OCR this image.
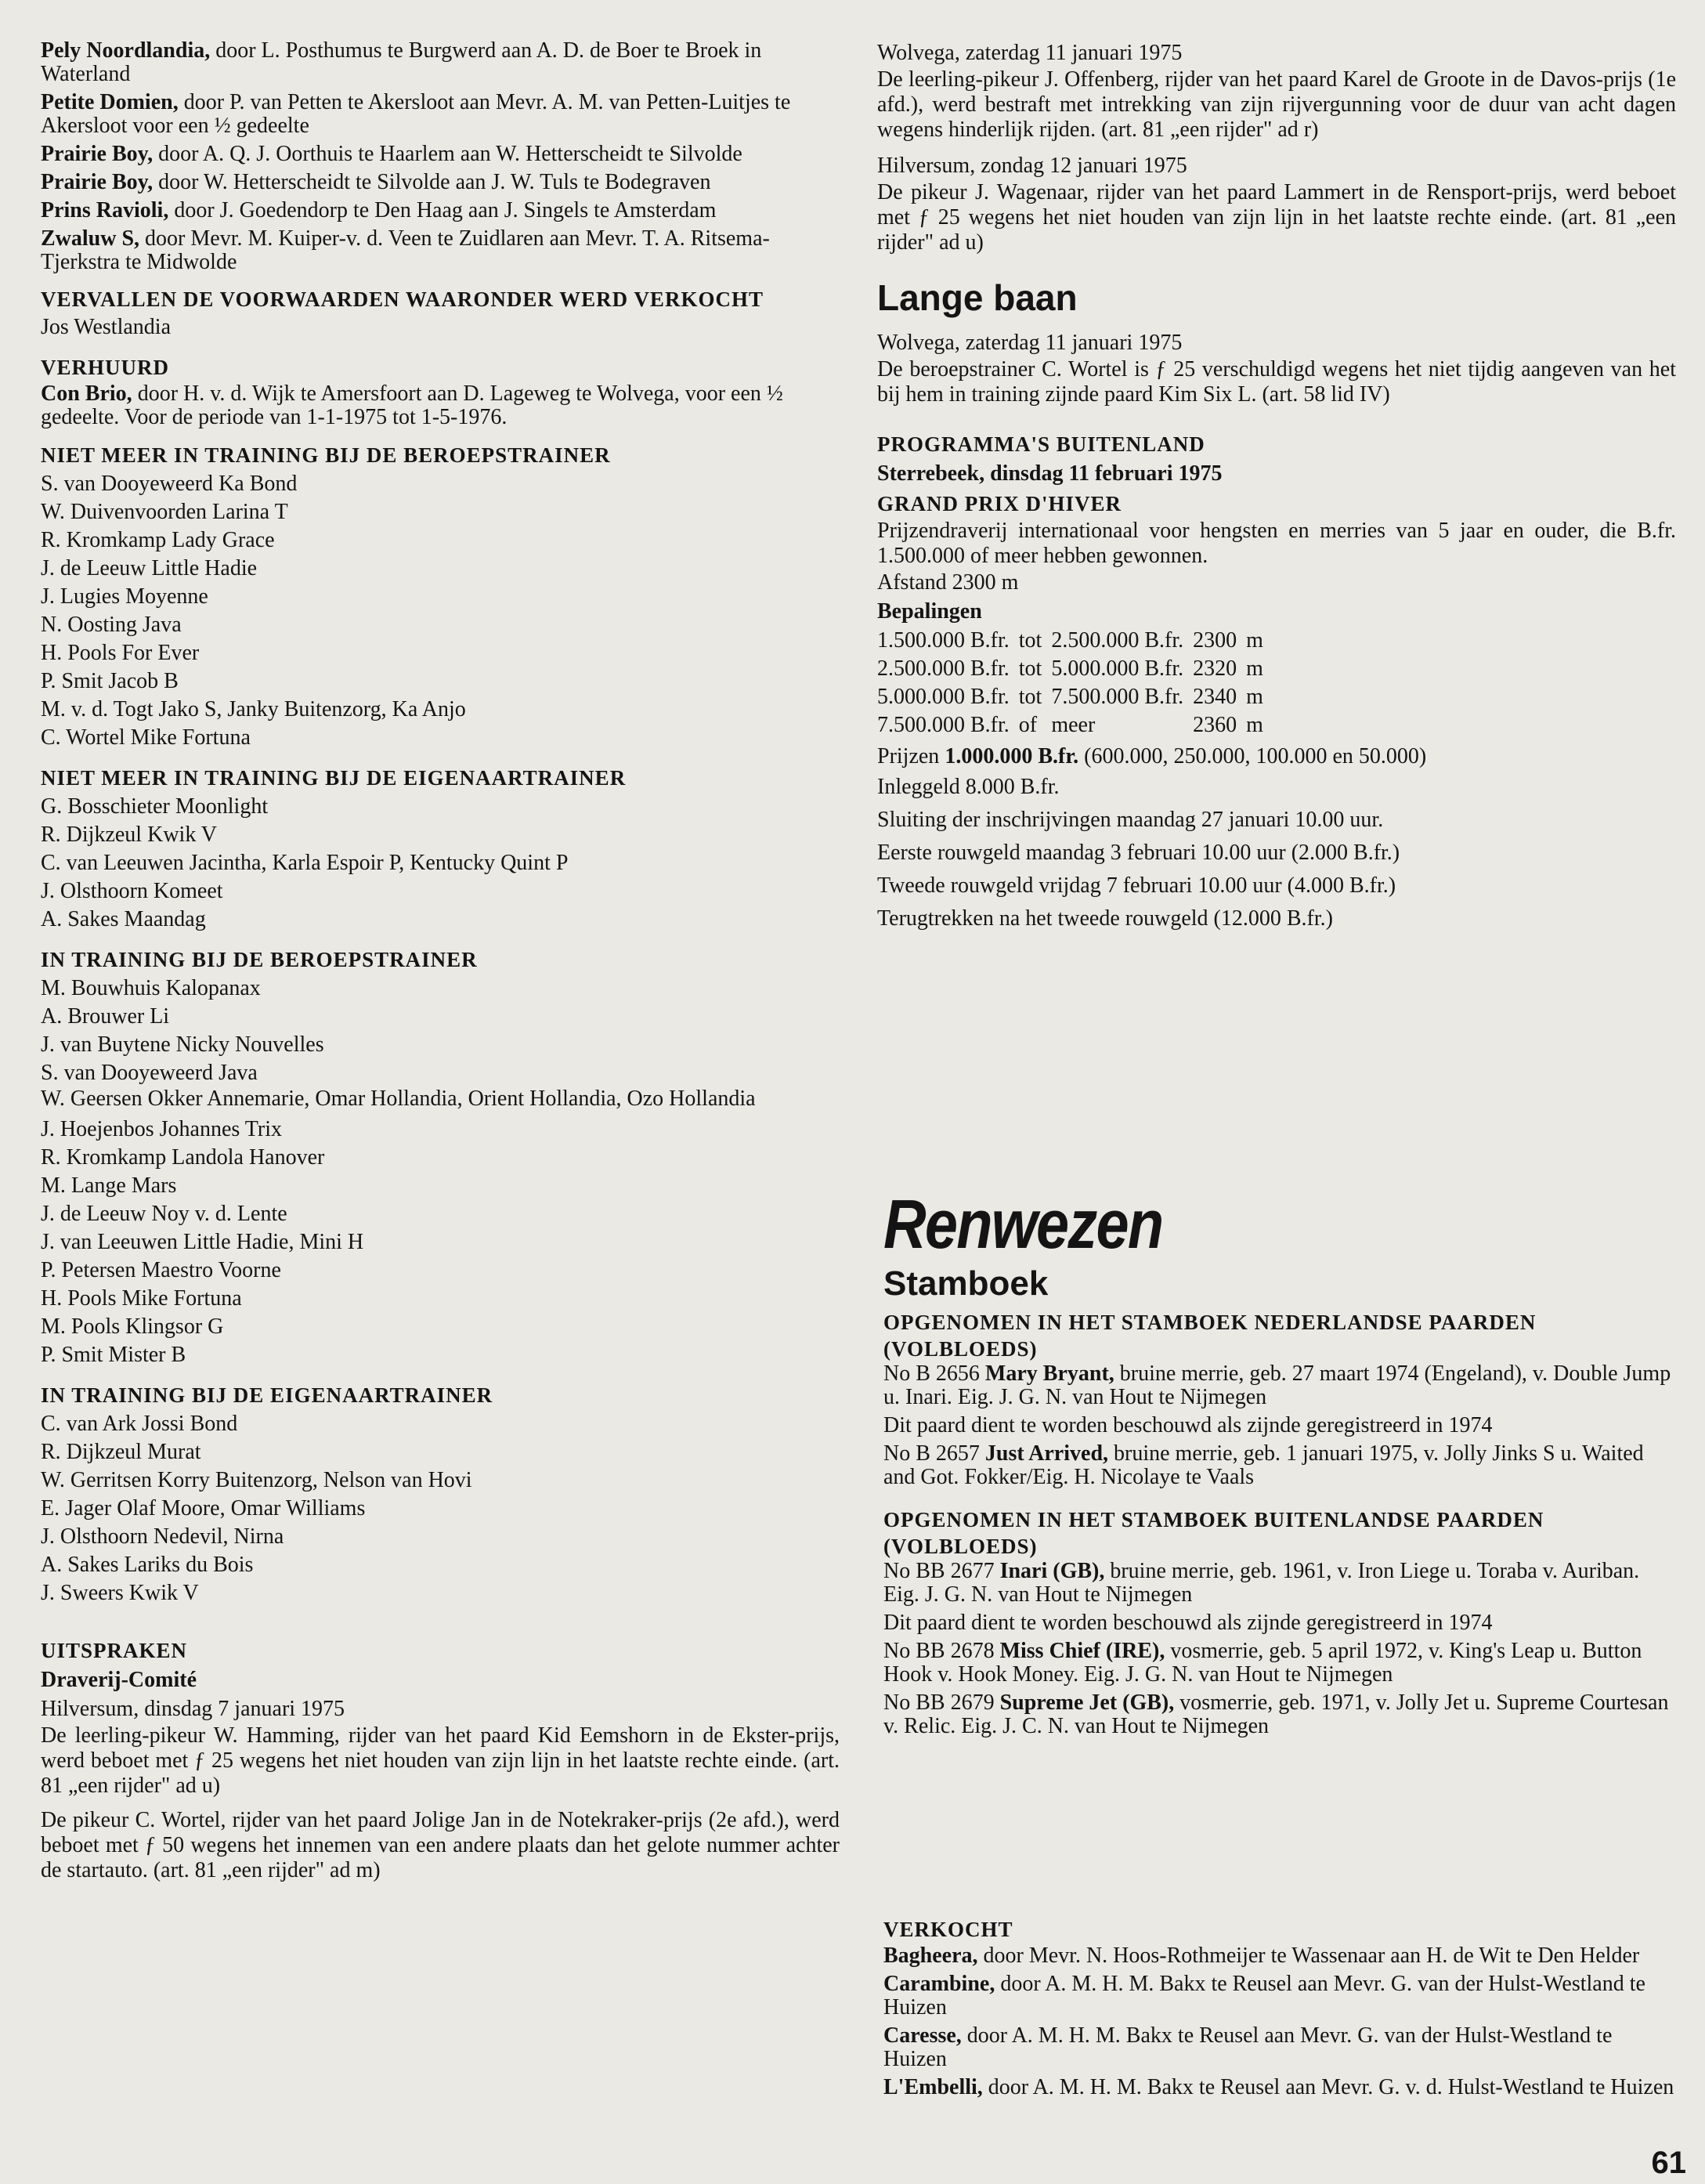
Pely Noordlandia, door L. Posthumus te Burgwerd aan A. D. de Boer te Broek in Waterland
Petite Domien, door P. van Petten te Akersloot aan Mevr. A. M. van Petten-Luitjes te Akersloot voor een ½ gedeelte
Prairie Boy, door A. Q. J. Oorthuis te Haarlem aan W. Hetterscheidt te Silvolde
Prairie Boy, door W. Hetterscheidt te Silvolde aan J. W. Tuls te Bodegraven
Prins Ravioli, door J. Goedendorp te Den Haag aan J. Singels te Amsterdam
Zwaluw S, door Mevr. M. Kuiper-v. d. Veen te Zuidlaren aan Mevr. T. A. Ritsema-Tjerkstra te Midwolde
VERVALLEN DE VOORWAARDEN WAARONDER WERD VERKOCHT
Jos Westlandia
VERHUURD
Con Brio, door H. v. d. Wijk te Amersfoort aan D. Lageweg te Wolvega, voor een ½ gedeelte. Voor de periode van 1-1-1975 tot 1-5-1976.
NIET MEER IN TRAINING BIJ DE BEROEPSTRAINER
S. van Dooyeweerd Ka Bond
W. Duivenvoorden Larina T
R. Kromkamp Lady Grace
J. de Leeuw Little Hadie
J. Lugies Moyenne
N. Oosting Java
H. Pools For Ever
P. Smit Jacob B
M. v. d. Togt Jako S, Janky Buitenzorg, Ka Anjo
C. Wortel Mike Fortuna
NIET MEER IN TRAINING BIJ DE EIGENAARTRAINER
G. Bosschieter Moonlight
R. Dijkzeul Kwik V
C. van Leeuwen Jacintha, Karla Espoir P, Kentucky Quint P
J. Olsthoorn Komeet
A. Sakes Maandag
IN TRAINING BIJ DE BEROEPSTRAINER
M. Bouwhuis Kalopanax
A. Brouwer Li
J. van Buytene Nicky Nouvelles
S. van Dooyeweerd Java
W. Geersen Okker Annemarie, Omar Hollandia, Orient Hollandia, Ozo Hollandia
J. Hoejenbos Johannes Trix
R. Kromkamp Landola Hanover
M. Lange Mars
J. de Leeuw Noy v. d. Lente
J. van Leeuwen Little Hadie, Mini H
P. Petersen Maestro Voorne
H. Pools Mike Fortuna
M. Pools Klingsor G
P. Smit Mister B
IN TRAINING BIJ DE EIGENAARTRAINER
C. van Ark Jossi Bond
R. Dijkzeul Murat
W. Gerritsen Korry Buitenzorg, Nelson van Hovi
E. Jager Olaf Moore, Omar Williams
J. Olsthoorn Nedevil, Nirna
A. Sakes Lariks du Bois
J. Sweers Kwik V
UITSPRAKEN
Draverij-Comité
Hilversum, dinsdag 7 januari 1975

De leerling-pikeur W. Hamming, rijder van het paard Kid Eemshorn in de Ekster-prijs, werd beboet met ƒ 25 wegens het niet houden van zijn lijn in het laatste rechte einde. (art. 81 „een rijder" ad u)

De pikeur C. Wortel, rijder van het paard Jolige Jan in de Notekraker-prijs (2e afd.), werd beboet met ƒ 50 wegens het innemen van een andere plaats dan het gelote nummer achter de startauto. (art. 81 „een rijder" ad m)

Wolvega, zaterdag 11 januari 1975

De leerling-pikeur J. Offenberg, rijder van het paard Karel de Groote in de Davos-prijs (1e afd.), werd bestraft met intrekking van zijn rijvergunning voor de duur van acht dagen wegens hinderlijk rijden. (art. 81 „een rijder" ad r)

Hilversum, zondag 12 januari 1975

De pikeur J. Wagenaar, rijder van het paard Lammert in de Rensport-prijs, werd beboet met ƒ 25 wegens het niet houden van zijn lijn in het laatste rechte einde. (art. 81 „een rijder" ad u)

Lange baan
Wolvega, zaterdag 11 januari 1975

De beroepstrainer C. Wortel is ƒ 25 verschuldigd wegens het niet tijdig aangeven van het bij hem in training zijnde paard Kim Six L. (art. 58 lid IV)

PROGRAMMA'S BUITENLAND
Sterrebeek, dinsdag 11 februari 1975
GRAND PRIX D'HIVER

Prijzendraverij internationaal voor hengsten en merries van 5 jaar en ouder, die B.fr. 1.500.000 of meer hebben gewonnen.

Afstand 2300 m
Bepalingen
1.500.000 B.fr.	tot	2.500.000 B.fr.	2300	m
2.500.000 B.fr.	tot	5.000.000 B.fr.	2320	m
5.000.000 B.fr.	tot	7.500.000 B.fr.	2340	m
7.500.000 B.fr.	of	meer	2360	m
Prijzen 1.000.000 B.fr. (600.000, 250.000, 100.000 en 50.000)
Inleggeld 8.000 B.fr.
Sluiting der inschrijvingen maandag 27 januari 10.00 uur.
Eerste rouwgeld maandag 3 februari 10.00 uur (2.000 B.fr.)
Tweede rouwgeld vrijdag 7 februari 10.00 uur (4.000 B.fr.)
Terugtrekken na het tweede rouwgeld (12.000 B.fr.)
Renwezen
Stamboek
OPGENOMEN IN HET STAMBOEK NEDERLANDSE PAARDEN (VOLBLOEDS)
No B 2656 Mary Bryant, bruine merrie, geb. 27 maart 1974 (Engeland), v. Double Jump u. Inari. Eig. J. G. N. van Hout te Nijmegen
Dit paard dient te worden beschouwd als zijnde geregistreerd in 1974
No B 2657 Just Arrived, bruine merrie, geb. 1 januari 1975, v. Jolly Jinks S u. Waited and Got. Fokker/Eig. H. Nicolaye te Vaals
OPGENOMEN IN HET STAMBOEK BUITENLANDSE PAARDEN (VOLBLOEDS)
No BB 2677 Inari (GB), bruine merrie, geb. 1961, v. Iron Liege u. Toraba v. Auriban. Eig. J. G. N. van Hout te Nijmegen
Dit paard dient te worden beschouwd als zijnde geregistreerd in 1974
No BB 2678 Miss Chief (IRE), vosmerrie, geb. 5 april 1972, v. King's Leap u. Button Hook v. Hook Money. Eig. J. G. N. van Hout te Nijmegen
No BB 2679 Supreme Jet (GB), vosmerrie, geb. 1971, v. Jolly Jet u. Supreme Courtesan v. Relic. Eig. J. C. N. van Hout te Nijmegen
VERKOCHT
Bagheera, door Mevr. N. Hoos-Rothmeijer te Wassenaar aan H. de Wit te Den Helder
Carambine, door A. M. H. M. Bakx te Reusel aan Mevr. G. van der Hulst-Westland te Huizen
Caresse, door A. M. H. M. Bakx te Reusel aan Mevr. G. van der Hulst-Westland te Huizen
L'Embelli, door A. M. H. M. Bakx te Reusel aan Mevr. G. v. d. Hulst-Westland te Huizen
61
